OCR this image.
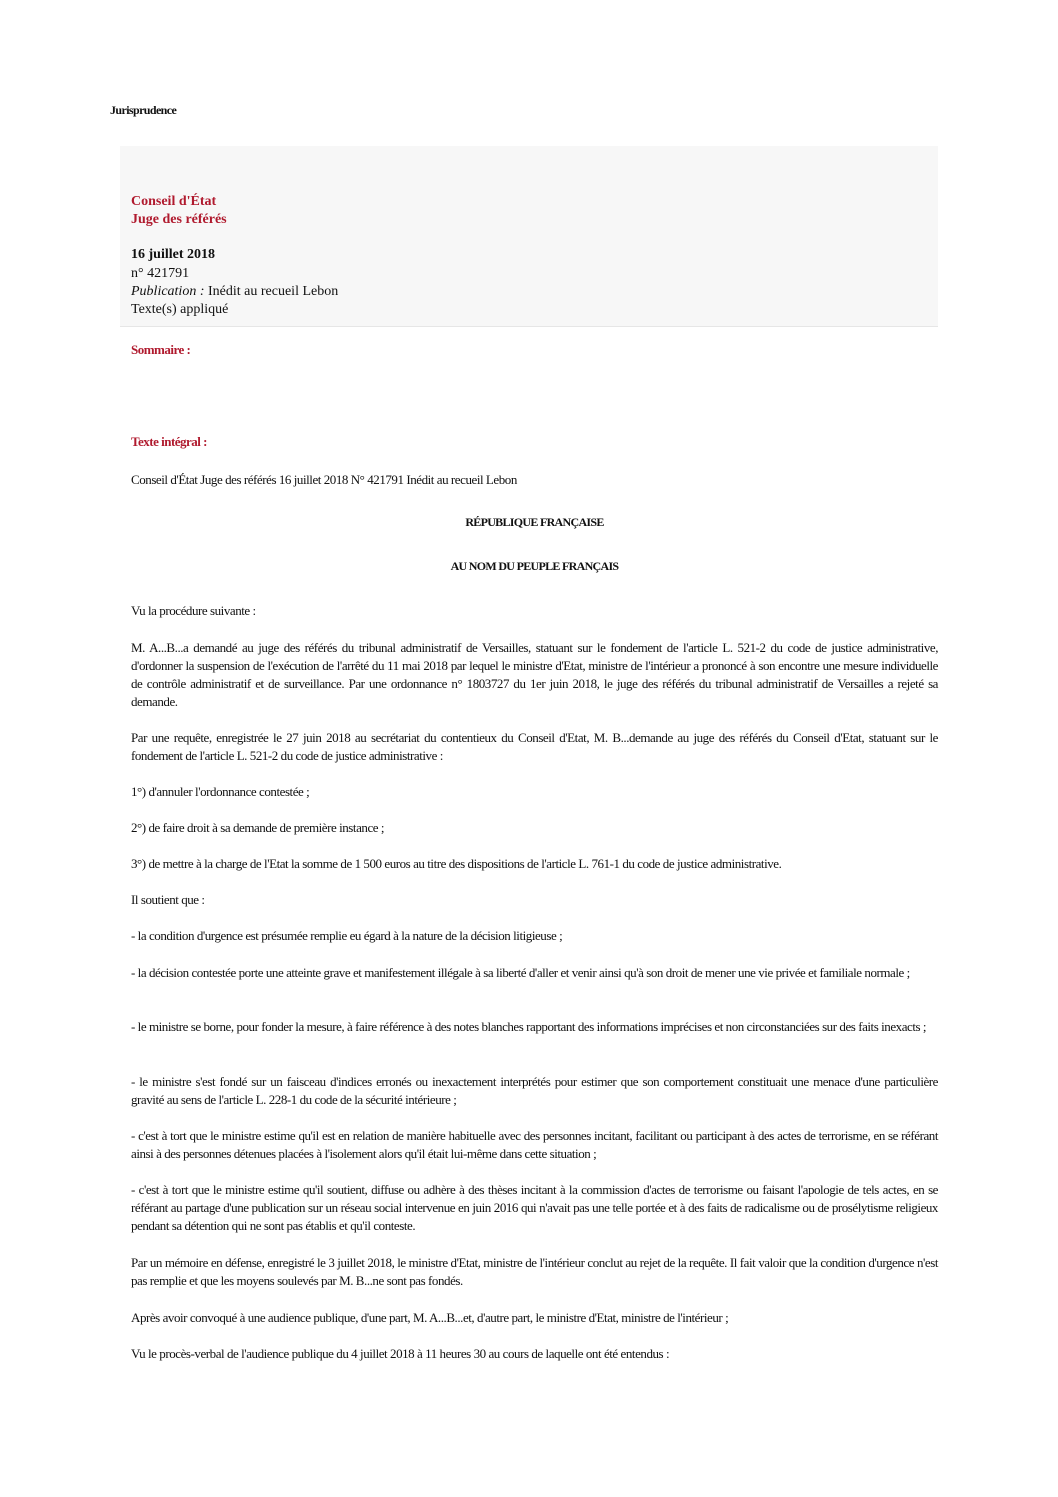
Jurisprudence
Conseil d'État
Juge des référés
16 juillet 2018
n° 421791
Publication : Inédit au recueil Lebon
Texte(s) appliqué
Sommaire :
Texte intégral :
Conseil d'État Juge des référés 16 juillet 2018 N° 421791 Inédit au recueil Lebon
RÉPUBLIQUE FRANÇAISE
AU NOM DU PEUPLE FRANÇAIS
Vu la procédure suivante :
M. A...B...a demandé au juge des référés du tribunal administratif de Versailles, statuant sur le fondement de l'article L. 521-2 du code de justice administrative, d'ordonner la suspension de l'exécution de l'arrêté du 11 mai 2018 par lequel le ministre d'Etat, ministre de l'intérieur a prononcé à son encontre une mesure individuelle de contrôle administratif et de surveillance. Par une ordonnance n° 1803727 du 1er juin 2018, le juge des référés du tribunal administratif de Versailles a rejeté sa demande.
Par une requête, enregistrée le 27 juin 2018 au secrétariat du contentieux du Conseil d'Etat, M. B...demande au juge des référés du Conseil d'Etat, statuant sur le fondement de l'article L. 521-2 du code de justice administrative :
1°) d'annuler l'ordonnance contestée ;
2°) de faire droit à sa demande de première instance ;
3°) de mettre à la charge de l'Etat la somme de 1 500 euros au titre des dispositions de l'article L. 761-1 du code de justice administrative.
Il soutient que :
- la condition d'urgence est présumée remplie eu égard à la nature de la décision litigieuse ;
- la décision contestée porte une atteinte grave et manifestement illégale à sa liberté d'aller et venir ainsi qu'à son droit de mener une vie privée et familiale normale ;
- le ministre se borne, pour fonder la mesure, à faire référence à des notes blanches rapportant des informations imprécises et non circonstanciées sur des faits inexacts ;
- le ministre s'est fondé sur un faisceau d'indices erronés ou inexactement interprétés pour estimer que son comportement constituait une menace d'une particulière gravité au sens de l'article L. 228-1 du code de la sécurité intérieure ;
- c'est à tort que le ministre estime qu'il est en relation de manière habituelle avec des personnes incitant, facilitant ou participant à des actes de terrorisme, en se référant ainsi à des personnes détenues placées à l'isolement alors qu'il était lui-même dans cette situation ;
- c'est à tort que le ministre estime qu'il soutient, diffuse ou adhère à des thèses incitant à la commission d'actes de terrorisme ou faisant l'apologie de tels actes, en se référant au partage d'une publication sur un réseau social intervenue en juin 2016 qui n'avait pas une telle portée et à des faits de radicalisme ou de prosélytisme religieux pendant sa détention qui ne sont pas établis et qu'il conteste.
Par un mémoire en défense, enregistré le 3 juillet 2018, le ministre d'Etat, ministre de l'intérieur conclut au rejet de la requête. Il fait valoir que la condition d'urgence n'est pas remplie et que les moyens soulevés par M. B...ne sont pas fondés.
Après avoir convoqué à une audience publique, d'une part, M. A...B...et, d'autre part, le ministre d'Etat, ministre de l'intérieur ;
Vu le procès-verbal de l'audience publique du 4 juillet 2018 à 11 heures 30 au cours de laquelle ont été entendus :
